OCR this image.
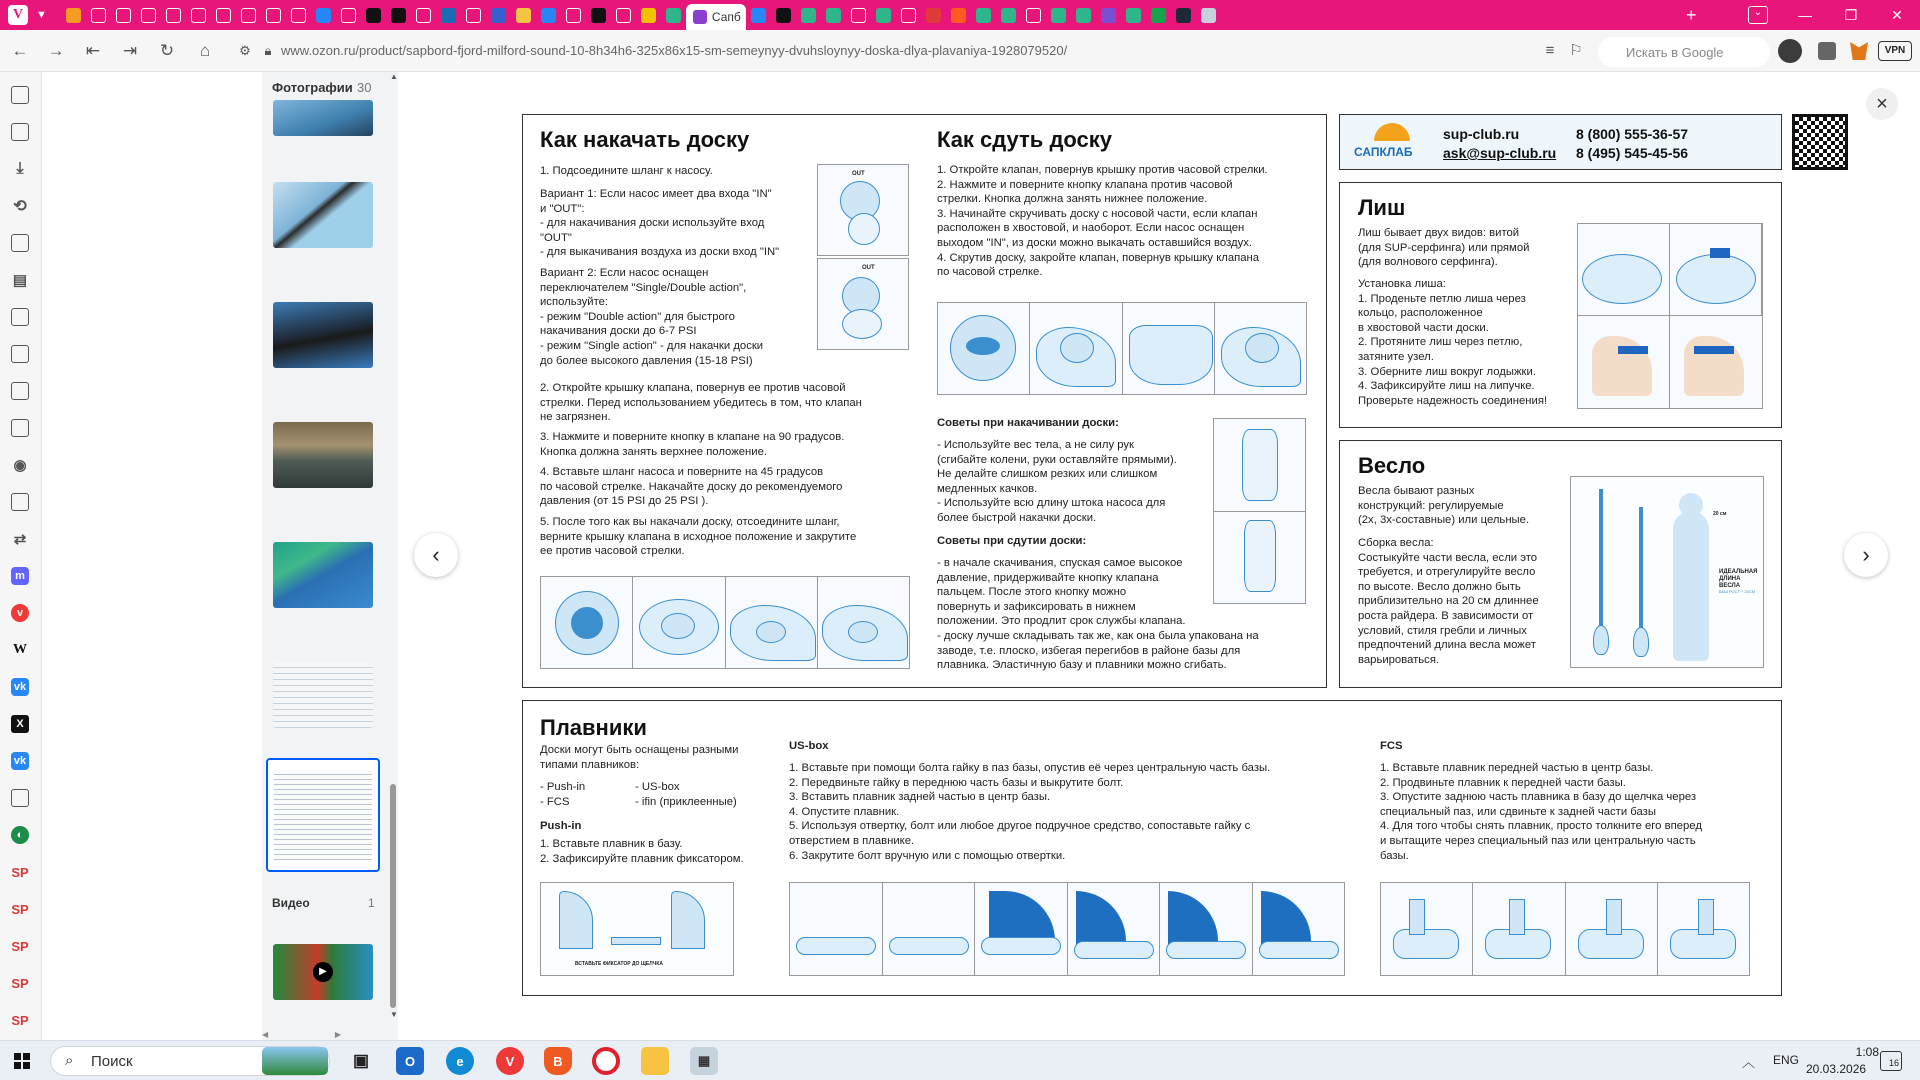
V	▼	Сапб	+	⌄	—	❐	✕
← → ⇤ ⇥ ↻	⌂	⚙	🔒︎ www.ozon.ru/product/sapbord-fjord-milford-sound-10-8h34h6-325x86x15-sm-semeynyy-dvuhsloynyy-doska-dlya-plavaniya-1928079520/	≡ ⚐	Искать в Google	VPN
⤓
⟲
▤
◉
⇄
m
v
W
vk
X
vk
◐
SP
SP
SP
SP
SP
Фотографии 30
Видео	1
▶
▲
▼
◀                              ▶
‹	›
×
Как накачать доску
1. Подсоедините шланг к насосу.
Вариант 1: Если насос имеет два входа "IN"
и "OUT":
- для накачивания доски используйте вход
"OUT"
- для выкачивания воздуха из доски вход "IN"
Вариант 2: Если насос оснащен
переключателем "Single/Double action",
используйте:
- режим "Double action" для быстрого
накачивания доски до 6-7 PSI
- режим "Single action" - для накачки доски
до более высокого давления (15-18 PSI)
2. Откройте крышку клапана, повернув ее против часовой
стрелки. Перед использованием убедитесь в том, что клапан
не загрязнен.
3. Нажмите и поверните кнопку в клапане на 90 градусов.
Кнопка должна занять верхнее положение.
4. Вставьте шланг насоса и поверните на 45 градусов
по часовой стрелке. Накачайте доску до рекомендуемого
давления (от 15 PSI до 25 PSI ).
5. После того как вы накачали доску, отсоедините шланг,
верните крышку клапана в исходное положение и закрутите
ее против часовой стрелки.
OUT
OUT
Как сдуть доску
1. Откройте клапан, повернув крышку против часовой стрелки.
2. Нажмите и поверните кнопку клапана против часовой
стрелки. Кнопка должна занять нижнее положение.
3. Начинайте скручивать доску с носовой части, если клапан
расположен в хвостовой, и наоборот. Если насос оснащен
выходом "IN", из доски можно выкачать оставшийся воздух.
4. Скрутив доску, закройте клапан, повернув крышку клапана
по часовой стрелке.
Советы при накачивании доски:
- Используйте вес тела, а не силу рук
(сгибайте колени, руки оставляйте прямыми).
Не делайте слишком резких или слишком
медленных качков.
- Используйте всю длину штока насоса для
более быстрой накачки доски.
Советы при сдутии доски:
- в начале скачивания, спуская самое высокое
давление, придерживайте кнопку клапана
пальцем. После этого кнопку можно
повернуть и зафиксировать в нижнем
положении. Это продлит срок службы клапана.
- доску лучше складывать так же, как она была упакована на
заводе, т.е. плоско, избегая перегибов в районе базы для
плавника. Эластичную базу и плавники можно сгибать.
САПКЛАБ
sup-club.ru
ask@sup-club.ru
8 (800) 555-36-57
8 (495) 545-45-56
Лиш
Лиш бывает двух видов: витой
(для SUP-серфинга) или прямой
(для волнового серфинга).
Установка лиша:
1. Проденьте петлю лиша через
кольцо, расположенное
в хвостовой части доски.
2. Протяните лиш через петлю,
затяните узел.
3. Оберните лиш вокруг лодыжки.
4. Зафиксируйте лиш на липучке.
Проверьте надежность соединения!
Весло
Весла бывают разных
конструкций: регулируемые
(2х, 3х-составные) или цельные.
Сборка весла:
Состыкуйте части весла, если это
требуется, и отрегулируйте весло
по высоте. Весло должно быть
приблизительно на 20 см длиннее
роста райдера. В зависимости от
условий, стиля гребли и личных
предпочтений длина весла может
варьироваться.
20 см
ИДЕАЛЬНАЯ
ДЛИНА ВЕСЛА
ВАШ РОСТ + 20СМ
Плавники
Доски могут быть оснащены разными
типами плавников:
- Push-in
- FCS
- US-box
- ifin (приклеенные)
Push-in
1. Вставьте плавник в базу.
2. Зафиксируйте плавник фиксатором.
ВСТАВЬТЕ ФИКСАТОР ДО ЩЕЛЧКА
US-box
1. Вставьте при помощи болта гайку в паз базы, опустив её через центральную часть базы.
2. Передвиньте гайку в переднюю часть базы и выкрутите болт.
3. Вставить плавник задней частью в центр базы.
4. Опустите плавник.
5. Используя отвертку, болт или любое другое подручное средство, сопоставьте гайку с
отверстием в плавнике.
6. Закрутите болт вручную или с помощью отвертки.
FCS
1. Вставьте плавник передней частью в центр базы.
2. Продвиньте плавник к передней части базы.
3. Опустите заднюю часть плавника в базу до щелчка через
специальный паз, или сдвиньте к задней части базы
4. Для того чтобы снять плавник, просто толкните его вперед
и вытащите через специальный паз или центральную часть
базы.
⌕ Поиск	▣	O	e	V	B	▦	︿ ENG
1:08
20.03.2026	16
